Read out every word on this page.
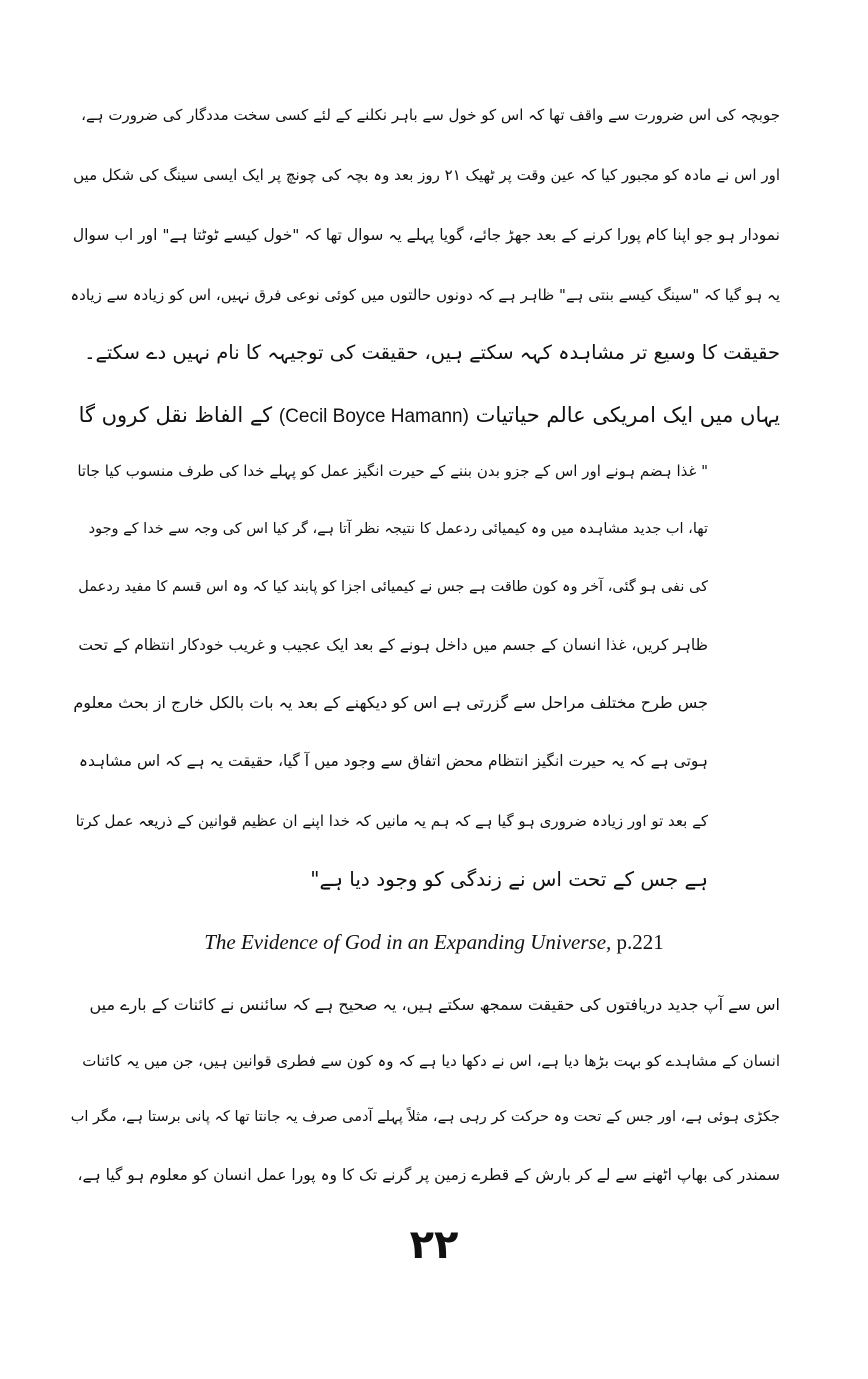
جوبچہ کی اس ضرورت سے واقف تھا کہ اس کو خول سے باہر نکلنے کے لئے کسی سخت مددگار کی ضرورت ہے،
اور اس نے مادہ کو مجبور کیا کہ عین وقت پر ٹھیک ۲۱ روز بعد وہ بچہ کی چونچ پر ایک ایسی سینگ کی شکل میں
نمودار ہو جو اپنا کام پورا کرنے کے بعد جھڑ جائے، گویا پہلے یہ سوال تھا کہ "خول کیسے ٹوٹتا ہے" اور اب سوال
یہ ہو گیا کہ "سینگ کیسے بنتی ہے" ظاہر ہے کہ دونوں حالتوں میں کوئی نوعی فرق نہیں، اس کو زیادہ سے زیادہ
حقیقت کا وسیع تر مشاہدہ کہہ سکتے ہیں، حقیقت کی توجیہہ کا نام نہیں دے سکتے۔
یہاں میں ایک امریکی عالم حیاتیات (Cecil Boyce Hamann) کے الفاظ نقل کروں گا
" غذا ہضم ہونے اور اس کے جزو بدن بننے کے حیرت انگیز عمل کو پہلے خدا کی طرف منسوب کیا جاتا
تھا، اب جدید مشاہدہ میں وہ کیمیائی ردعمل کا نتیجہ نظر آتا ہے، گر کیا اس کی وجہ سے خدا کے وجود
کی نفی ہو گئی، آخر وہ کون طاقت ہے جس نے کیمیائی اجزا کو پابند کیا کہ وہ اس قسم کا مفید ردعمل
ظاہر کریں، غذا انسان کے جسم میں داخل ہونے کے بعد ایک عجیب و غریب خودکار انتظام کے تحت
جس طرح مختلف مراحل سے گزرتی ہے اس کو دیکھنے کے بعد یہ بات بالکل خارج از بحث معلوم
ہوتی ہے کہ یہ حیرت انگیز انتظام محض اتفاق سے وجود میں آ گیا، حقیقت یہ ہے کہ اس مشاہدہ
کے بعد تو اور زیادہ ضروری ہو گیا ہے کہ ہم یہ مانیں کہ خدا اپنے ان عظیم قوانین کے ذریعہ عمل کرتا
ہے جس کے تحت اس نے زندگی کو وجود دیا ہے"
The Evidence of God in an Expanding Universe, p.221
اس سے آپ جدید دریافتوں کی حقیقت سمجھ سکتے ہیں، یہ صحیح ہے کہ سائنس نے کائنات کے بارے میں
انسان کے مشاہدے کو بہت بڑھا دیا ہے، اس نے دکھا دیا ہے کہ وہ کون سے فطری قوانین ہیں، جن میں یہ کائنات
جکڑی ہوئی ہے، اور جس کے تحت وہ حرکت کر رہی ہے، مثلاً پہلے آدمی صرف یہ جانتا تھا کہ پانی برستا ہے، مگر اب
سمندر کی بھاپ اٹھنے سے لے کر بارش کے قطرے زمین پر گرنے تک کا وہ پورا عمل انسان کو معلوم ہو گیا ہے،
۲۲
